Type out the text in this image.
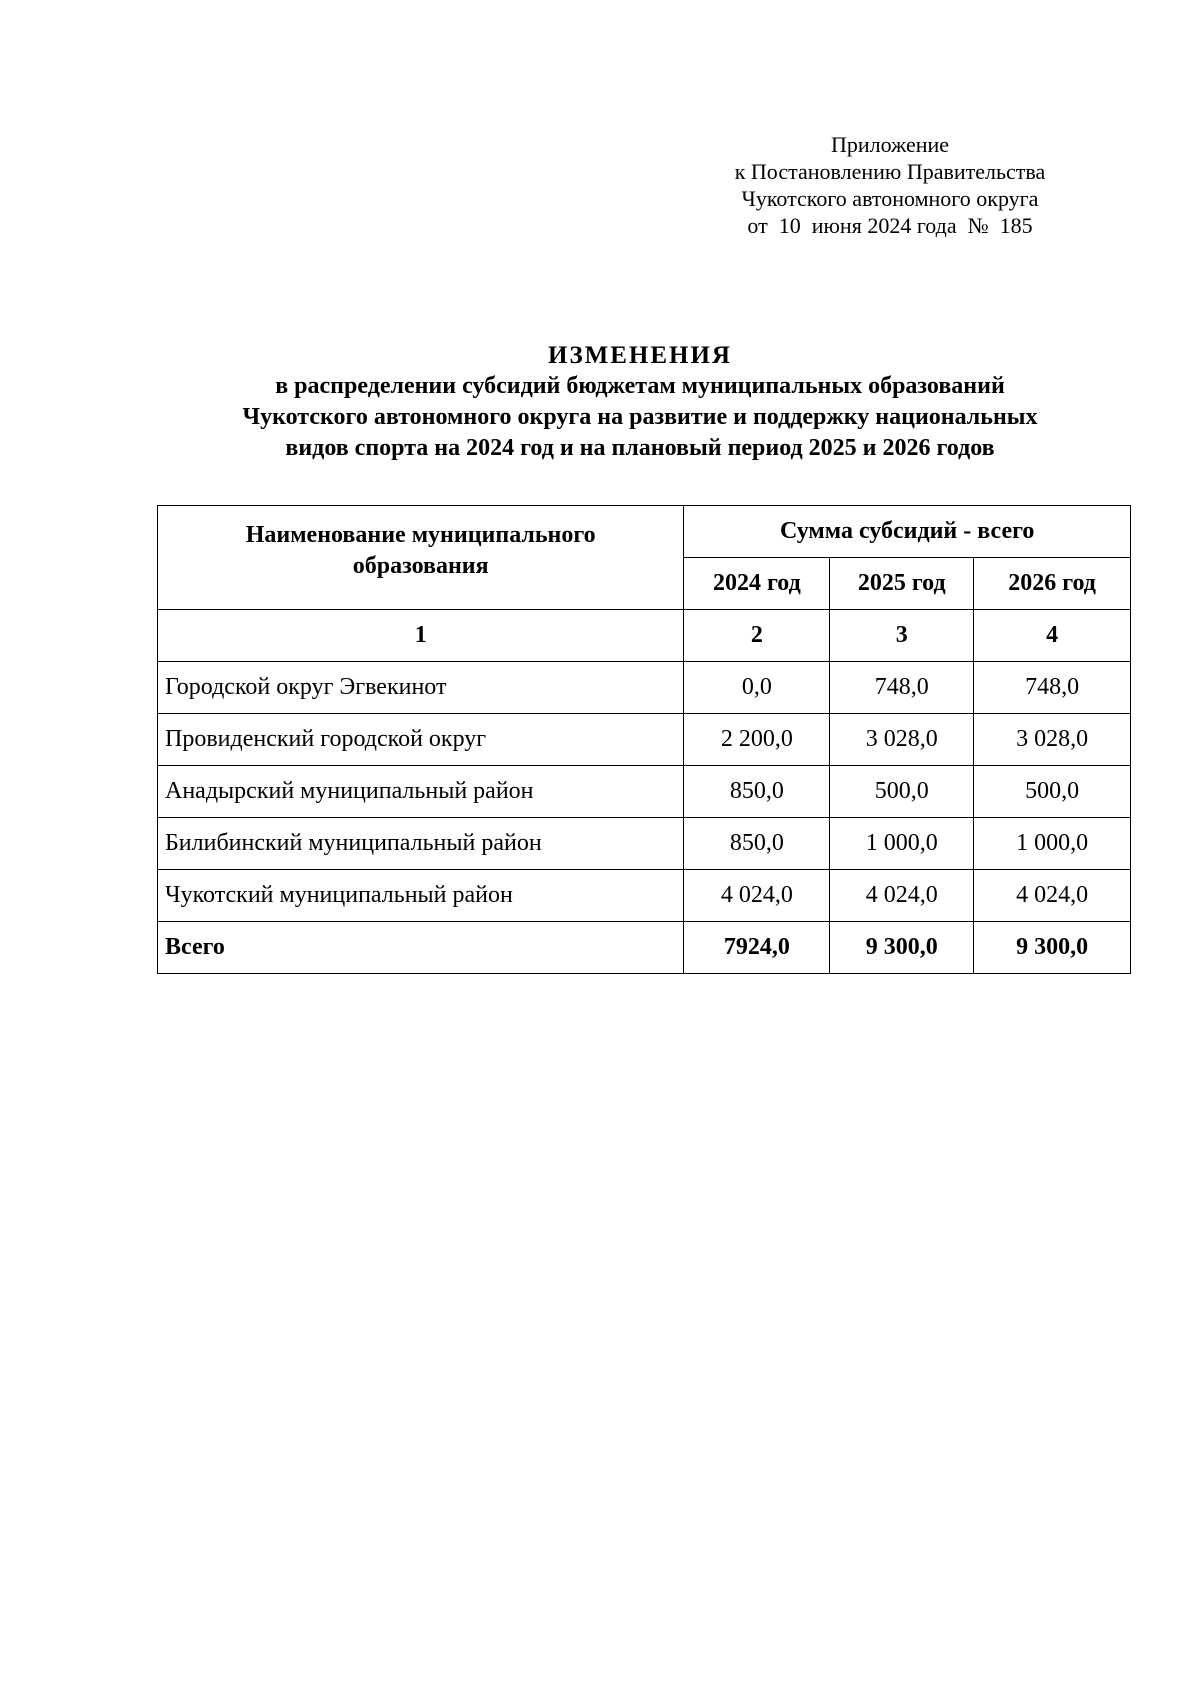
Приложение
к Постановлению Правительства
Чукотского автономного округа
от  10  июня 2024 года  №  185
ИЗМЕНЕНИЯ
в распределении субсидий бюджетам муниципальных образований
Чукотского автономного округа на развитие и поддержку национальных
видов спорта на 2024 год и на плановый период 2025 и 2026 годов
Наименование муниципального
образования	Сумма субсидий - всего		
	2024 год	2025 год	2026 год
1	2	3	4
Городской округ Эгвекинот	0,0	748,0	748,0
Провиденский городской округ	2 200,0	3 028,0	3 028,0
Анадырский муниципальный район	850,0	500,0	500,0
Билибинский муниципальный район	850,0	1 000,0	1 000,0
Чукотский муниципальный район	4 024,0	4 024,0	4 024,0
Всего	7924,0	9 300,0	9 300,0
